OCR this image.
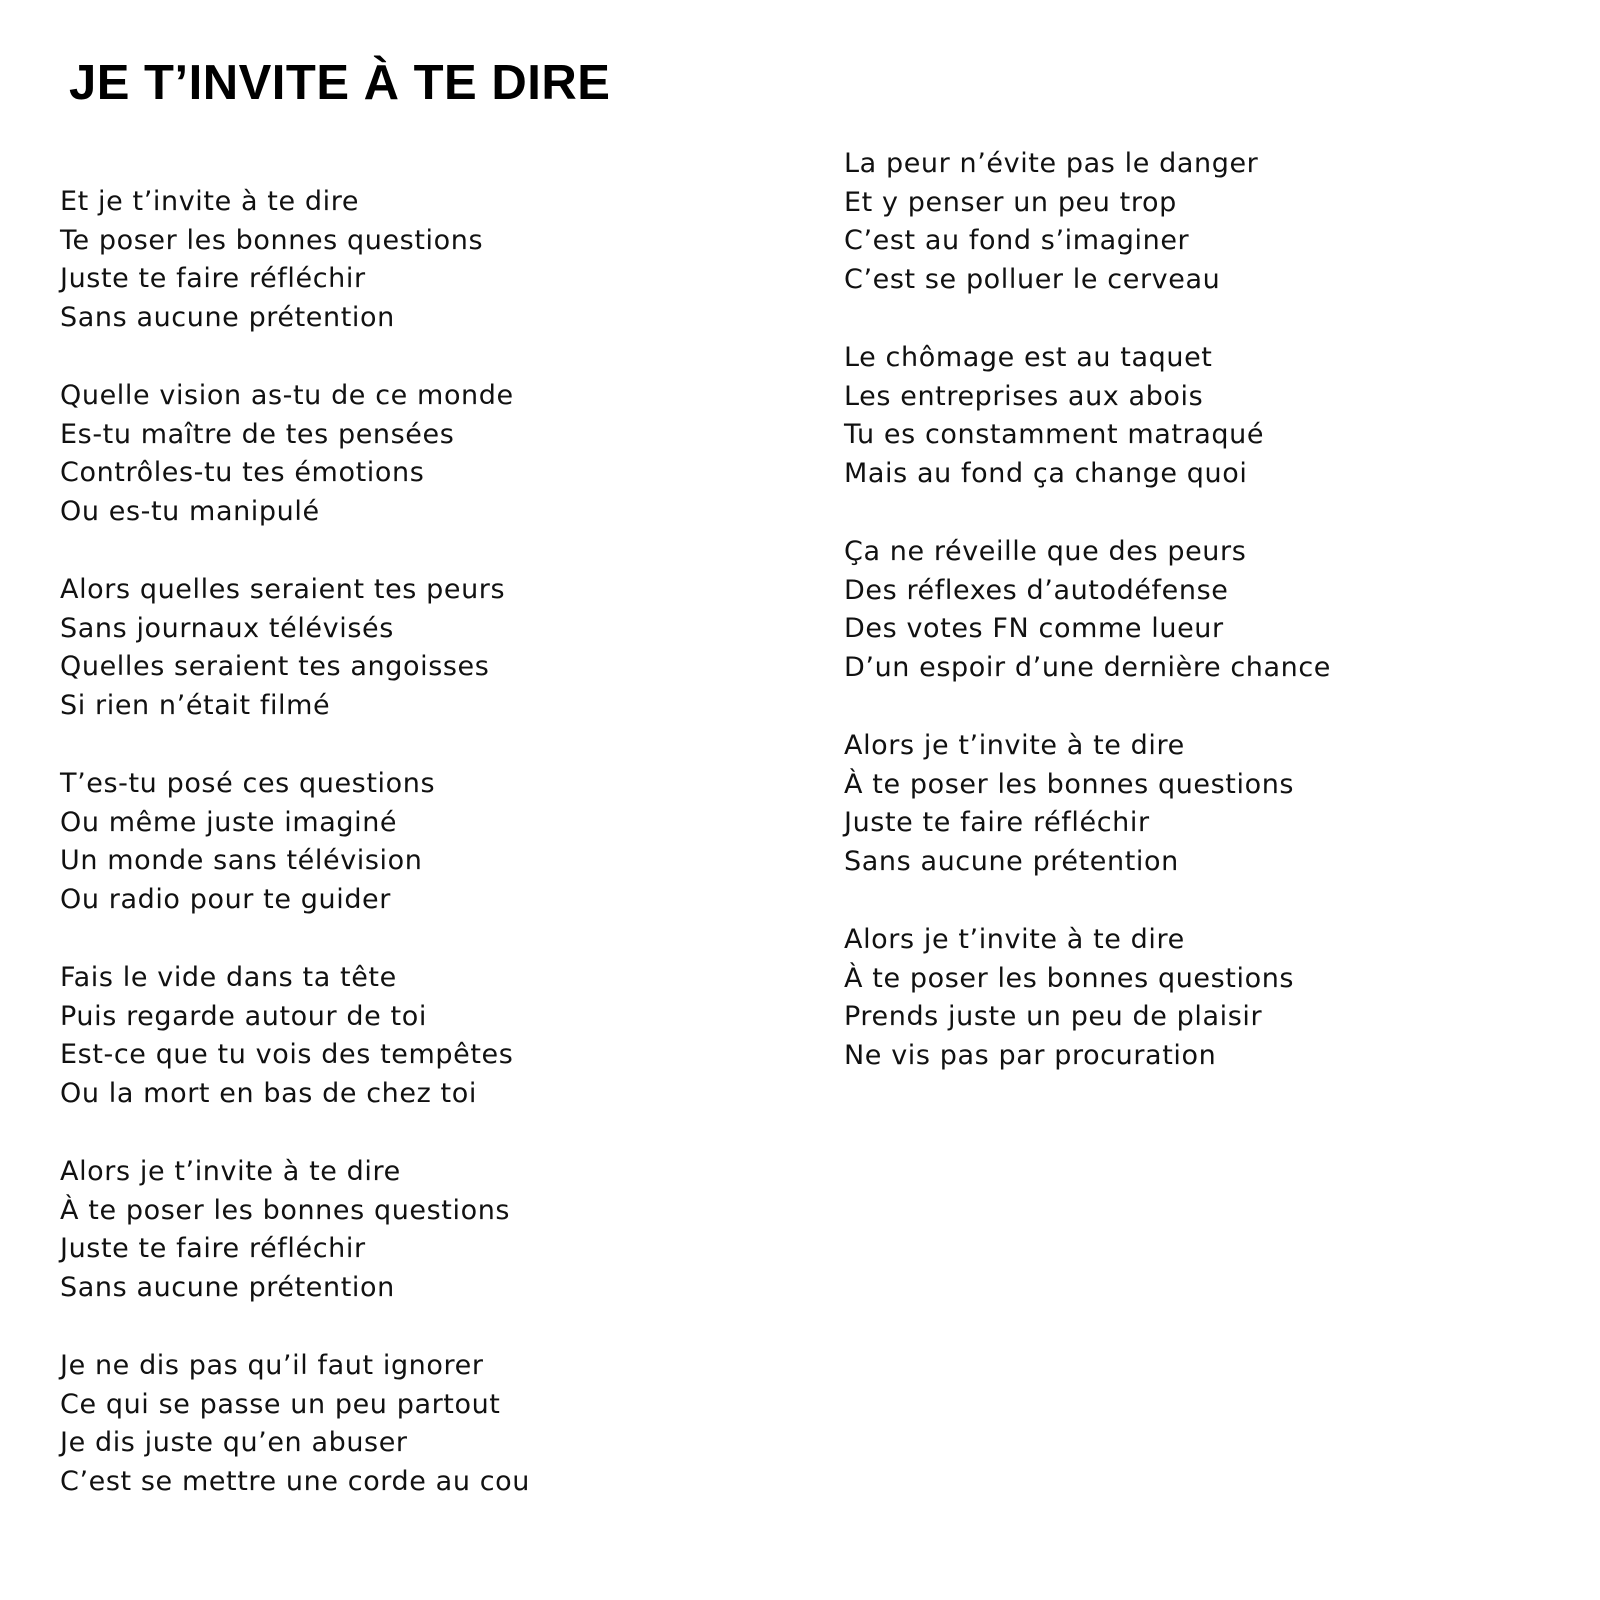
JE T’INVITE À TE DIRE
Et je t’invite à te dire
Te poser les bonnes questions
Juste te faire réfléchir
Sans aucune prétention
Quelle vision as-tu de ce monde
Es-tu maître de tes pensées
Contrôles-tu tes émotions
Ou es-tu manipulé
Alors quelles seraient tes peurs
Sans journaux télévisés
Quelles seraient tes angoisses
Si rien n’était filmé
T’es-tu posé ces questions
Ou même juste imaginé
Un monde sans télévision
Ou radio pour te guider
Fais le vide dans ta tête
Puis regarde autour de toi
Est-ce que tu vois des tempêtes
Ou la mort en bas de chez toi
Alors je t’invite à te dire
À te poser les bonnes questions
Juste te faire réfléchir
Sans aucune prétention
Je ne dis pas qu’il faut ignorer
Ce qui se passe un peu partout
Je dis juste qu’en abuser
C’est se mettre une corde au cou
La peur n’évite pas le danger
Et y penser un peu trop
C’est au fond s’imaginer
C’est se polluer le cerveau
Le chômage est au taquet
Les entreprises aux abois
Tu es constamment matraqué
Mais au fond ça change quoi
Ça ne réveille que des peurs
Des réflexes d’autodéfense
Des votes FN comme lueur
D’un espoir d’une dernière chance
Alors je t’invite à te dire
À te poser les bonnes questions
Juste te faire réfléchir
Sans aucune prétention
Alors je t’invite à te dire
À te poser les bonnes questions
Prends juste un peu de plaisir
Ne vis pas par procuration
